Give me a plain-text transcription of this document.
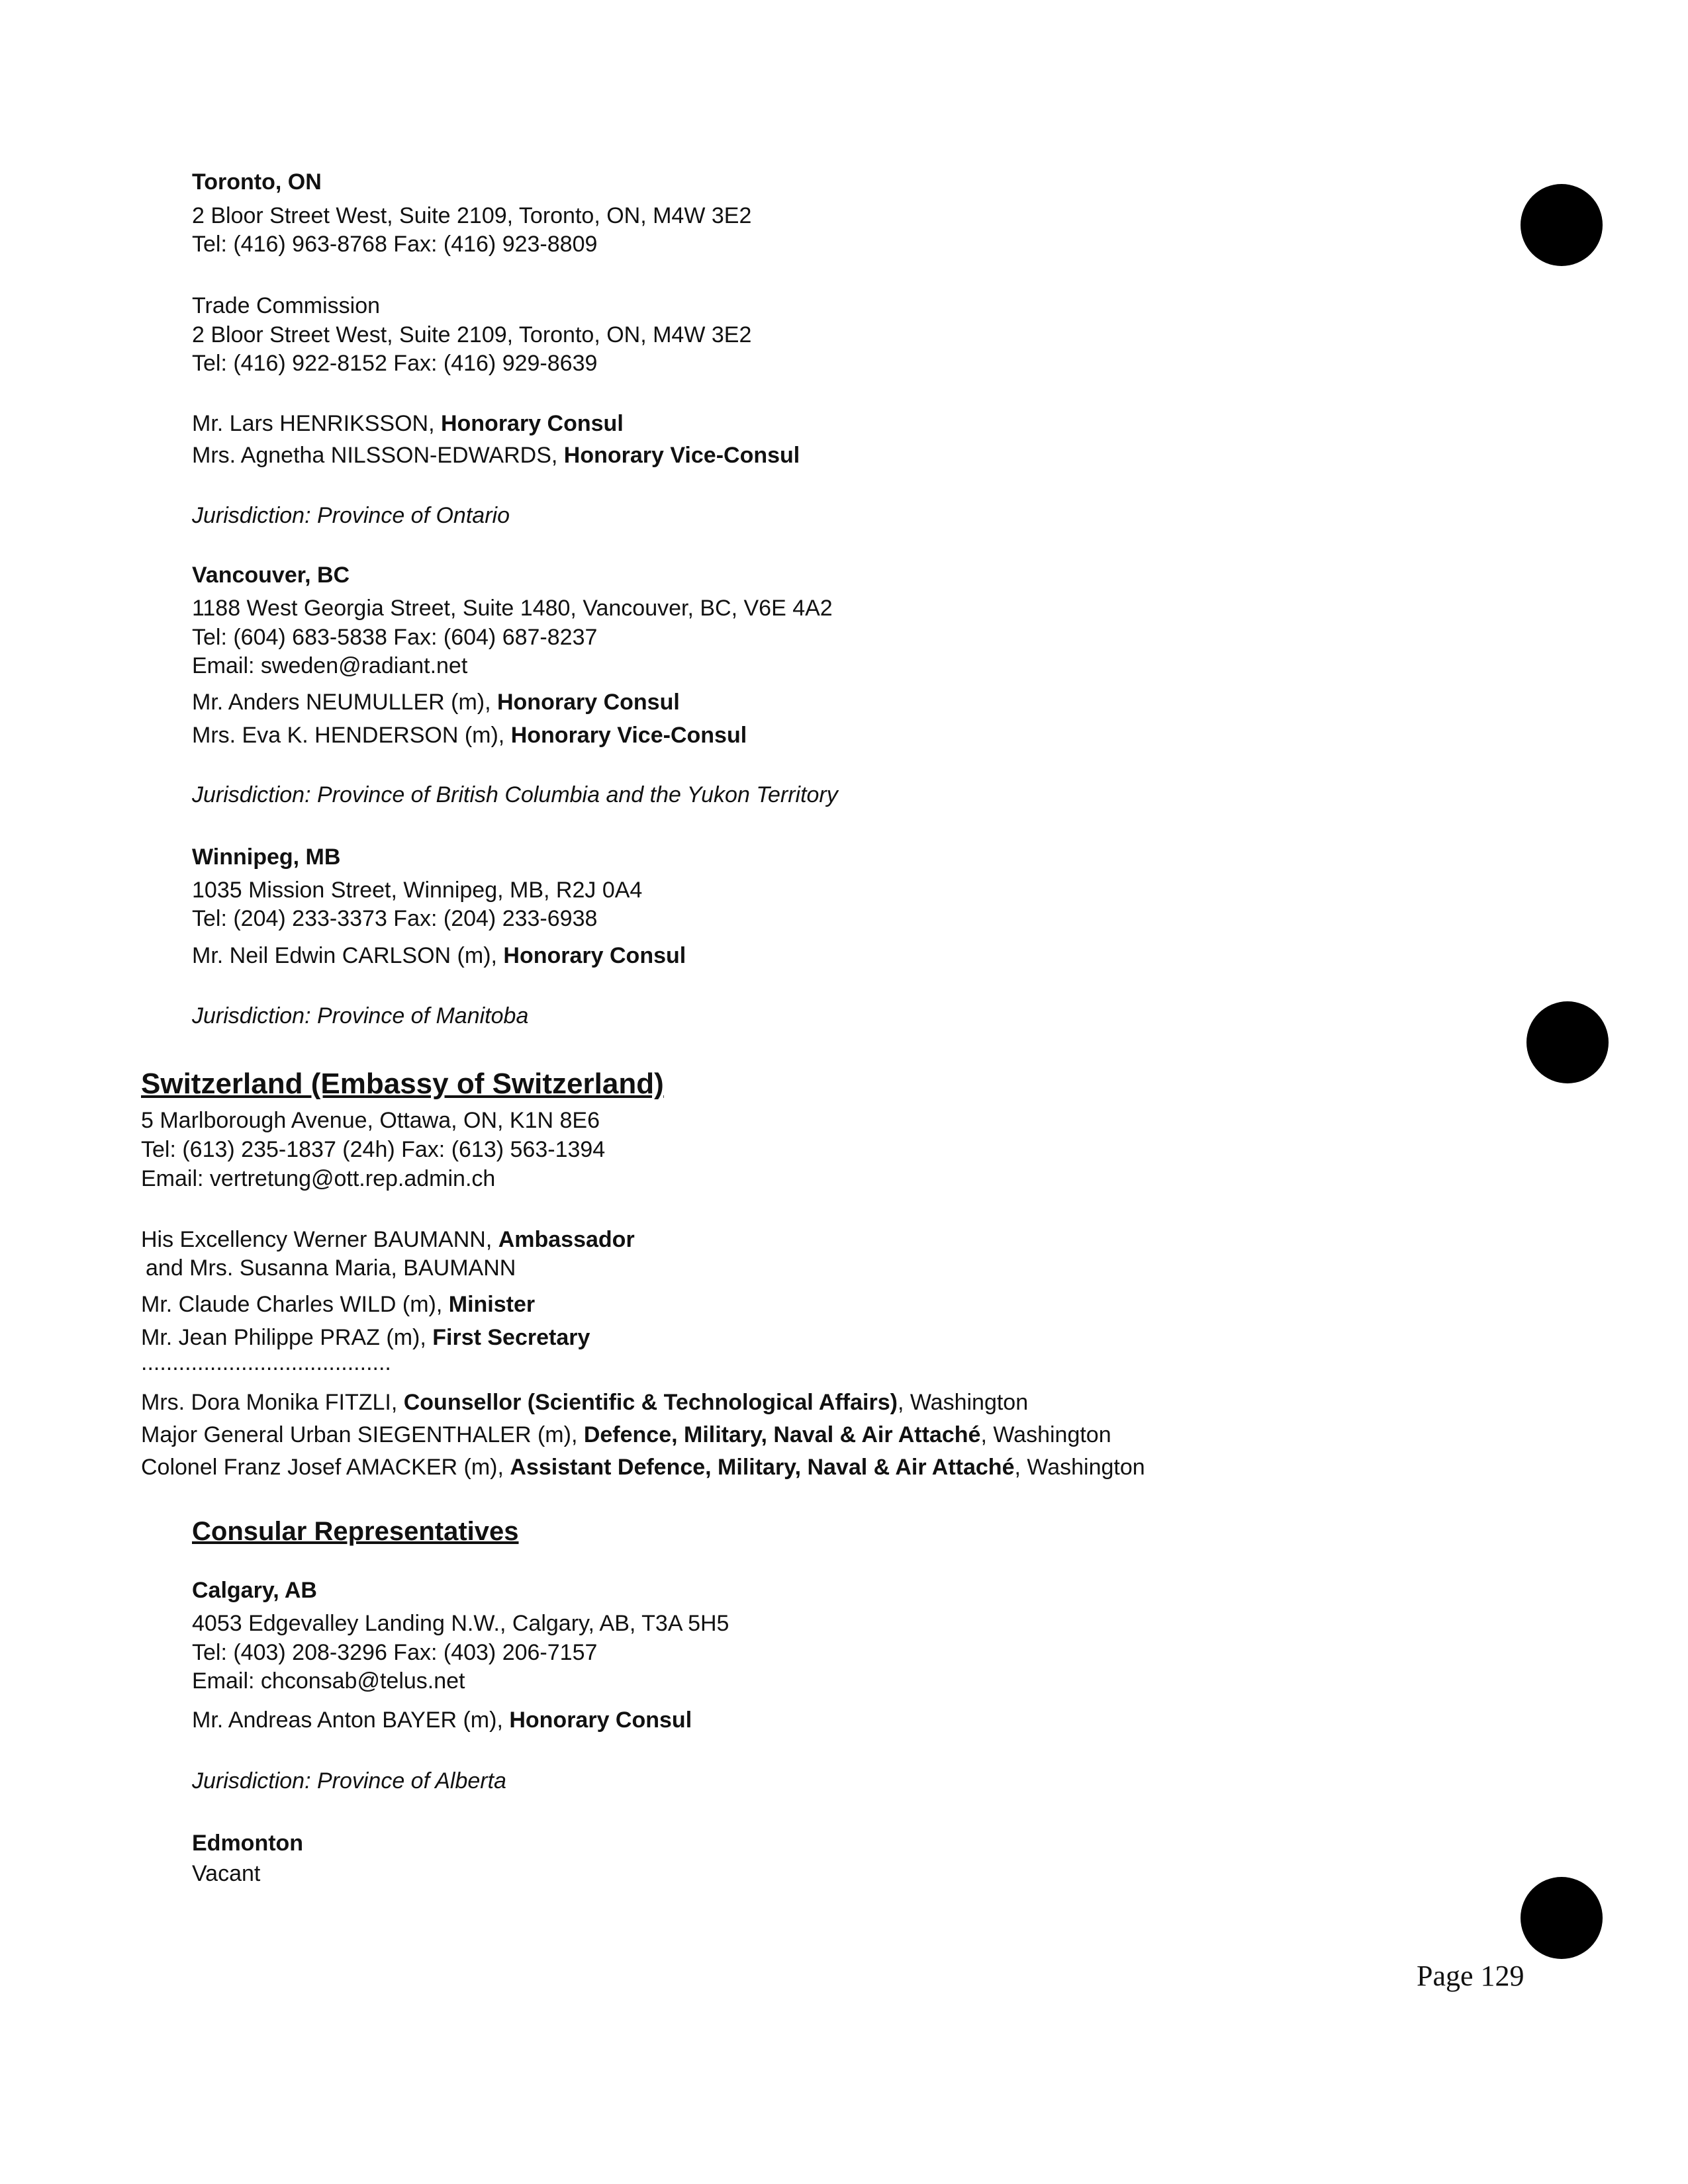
Toronto, ON
2 Bloor Street West, Suite 2109, Toronto, ON, M4W 3E2
Tel: (416) 963-8768 Fax: (416) 923-8809
Trade Commission
2 Bloor Street West, Suite 2109, Toronto, ON, M4W 3E2
Tel: (416) 922-8152 Fax: (416) 929-8639
Mr. Lars HENRIKSSON, Honorary Consul
Mrs. Agnetha NILSSON-EDWARDS, Honorary Vice-Consul
Jurisdiction: Province of Ontario
Vancouver, BC
1188 West Georgia Street, Suite 1480, Vancouver, BC, V6E 4A2
Tel: (604) 683-5838 Fax: (604) 687-8237
Email: sweden@radiant.net
Mr. Anders NEUMULLER (m), Honorary Consul
Mrs. Eva K. HENDERSON (m), Honorary Vice-Consul
Jurisdiction: Province of British Columbia and the Yukon Territory
Winnipeg, MB
1035 Mission Street, Winnipeg, MB, R2J 0A4
Tel: (204) 233-3373 Fax: (204) 233-6938
Mr. Neil Edwin CARLSON (m), Honorary Consul
Jurisdiction: Province of Manitoba
Switzerland (Embassy of Switzerland)
5 Marlborough Avenue, Ottawa, ON, K1N 8E6
Tel: (613) 235-1837 (24h) Fax: (613) 563-1394
Email: vertretung@ott.rep.admin.ch
His Excellency Werner BAUMANN, Ambassador
and Mrs. Susanna Maria, BAUMANN
Mr. Claude Charles WILD (m), Minister
Mr. Jean Philippe PRAZ (m), First Secretary
........................................
Mrs. Dora Monika FITZLI, Counsellor (Scientific & Technological Affairs), Washington
Major General Urban SIEGENTHALER (m), Defence, Military, Naval & Air Attaché, Washington
Colonel Franz Josef AMACKER (m), Assistant Defence, Military, Naval & Air Attaché, Washington
Consular Representatives
Calgary, AB
4053 Edgevalley Landing N.W., Calgary, AB, T3A 5H5
Tel: (403) 208-3296 Fax: (403) 206-7157
Email: chconsab@telus.net
Mr. Andreas Anton BAYER (m), Honorary Consul
Jurisdiction: Province of Alberta
Edmonton
Vacant
Page 129
